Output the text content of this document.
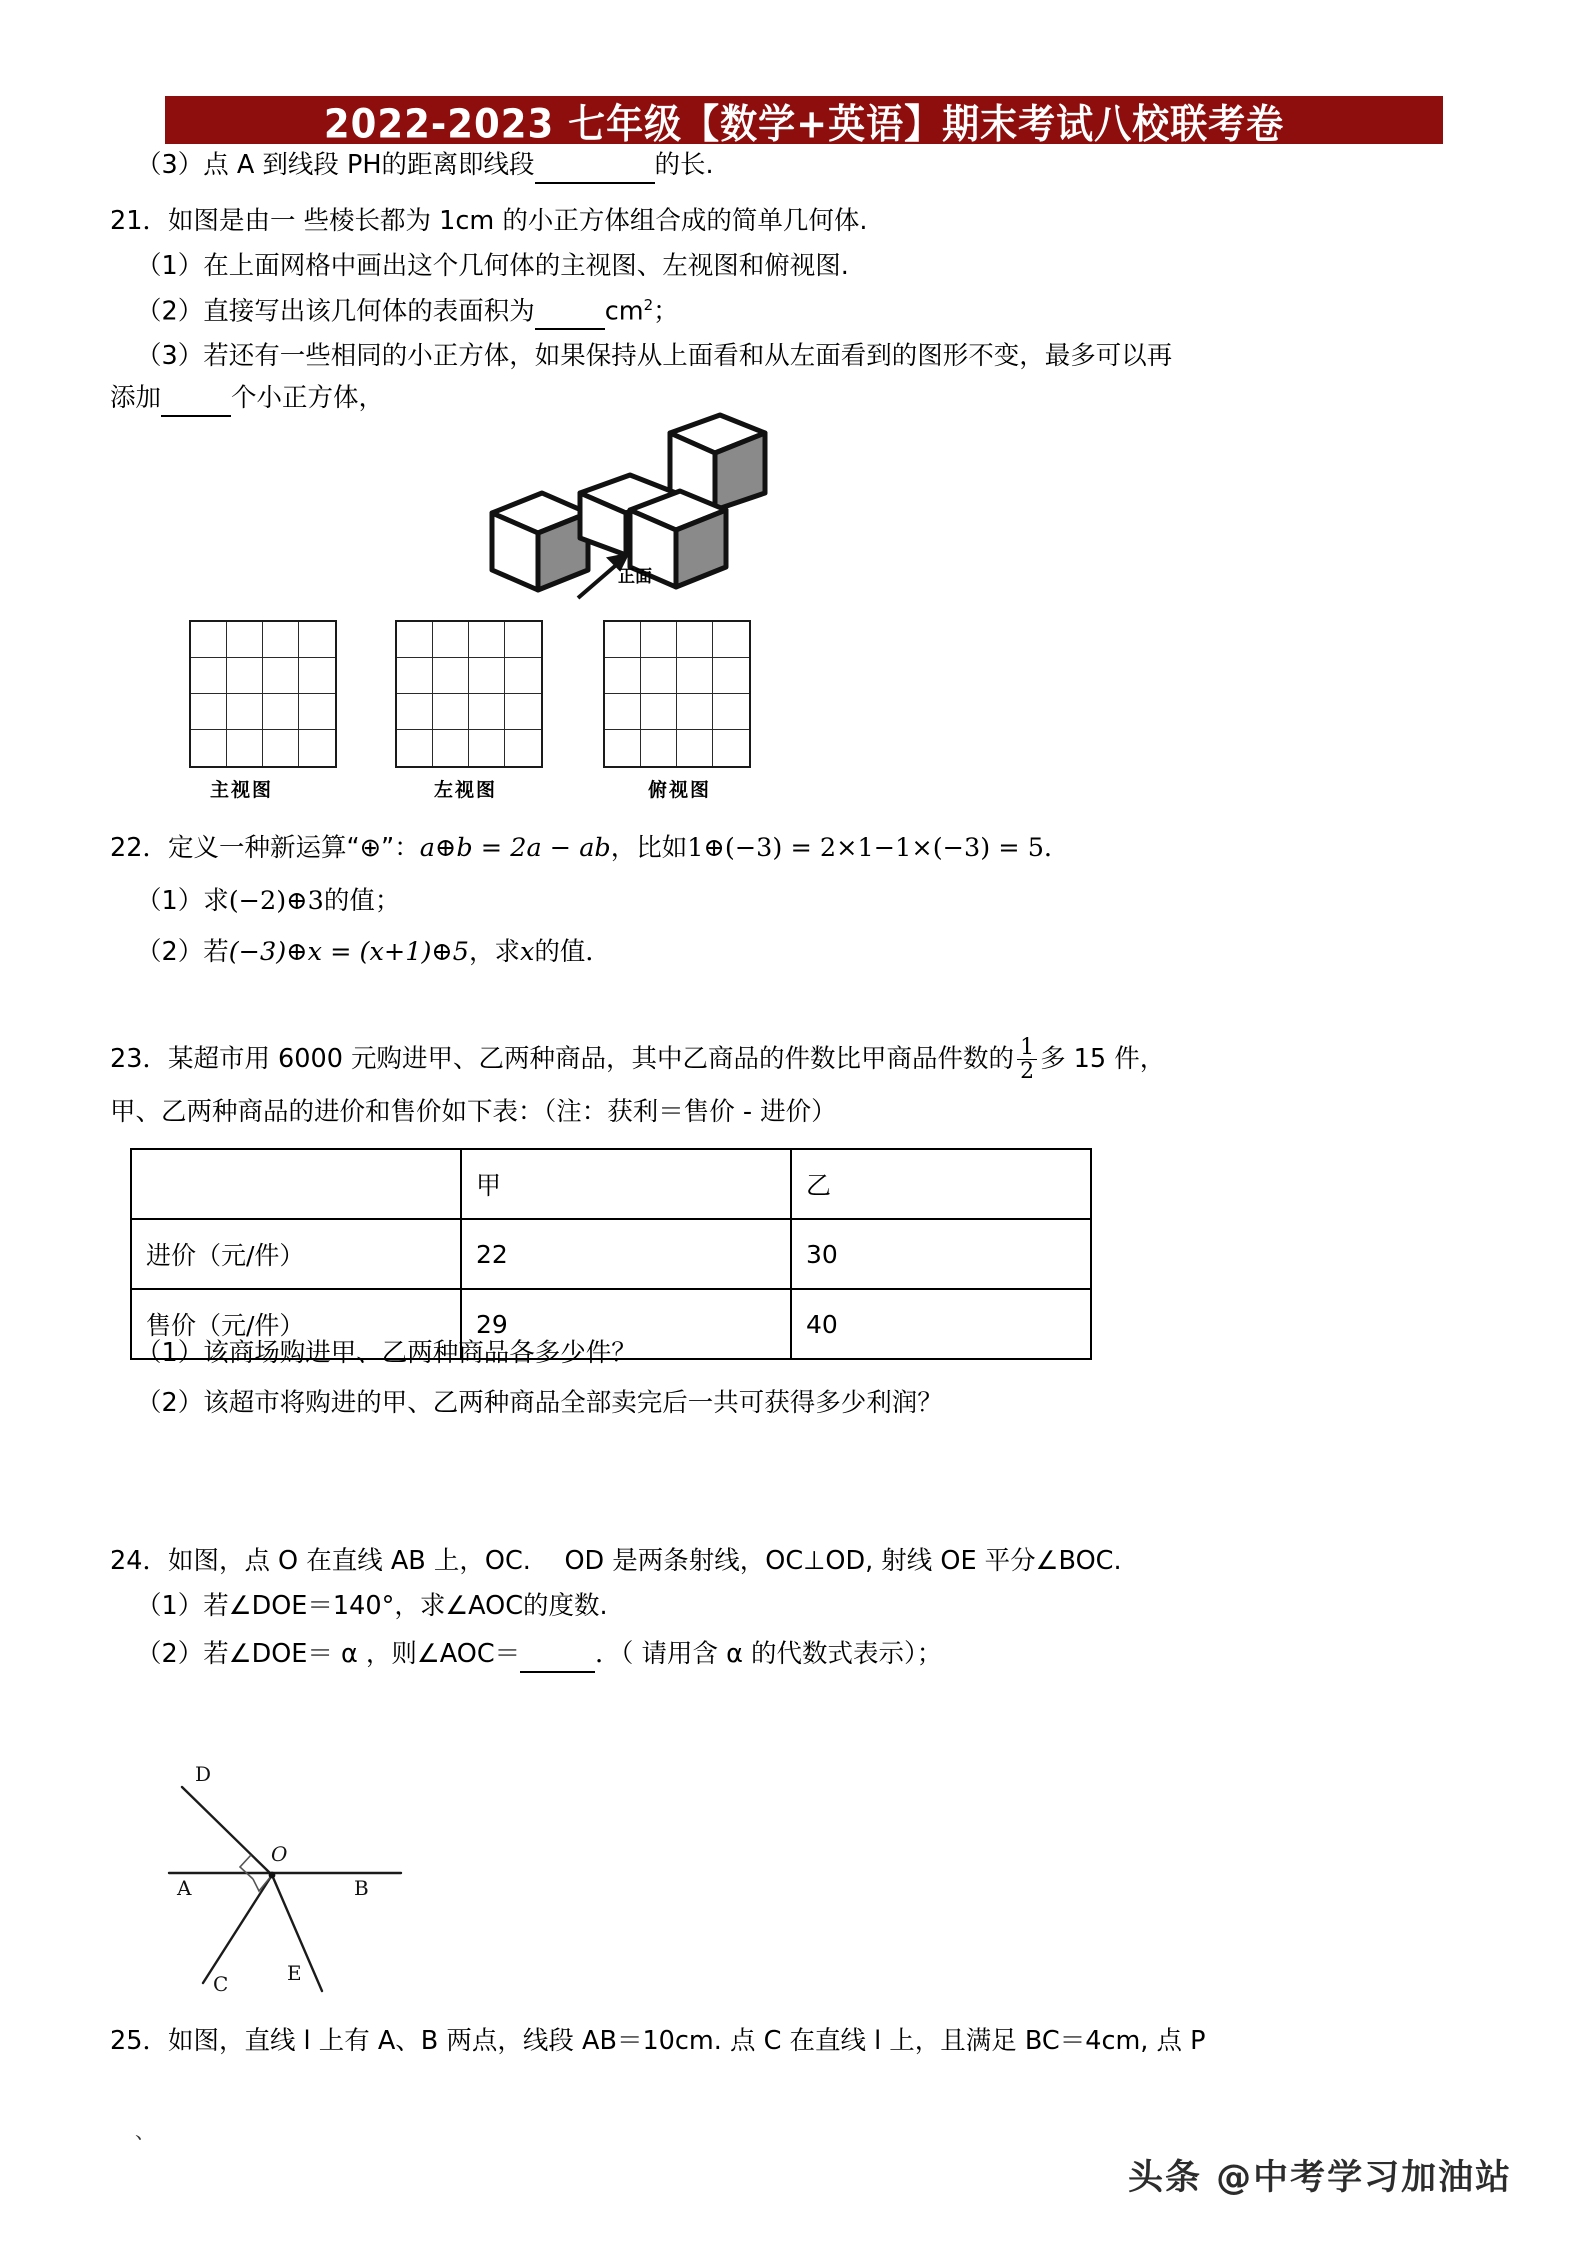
2022-2023 七年级【数学+英语】期末考试八校联考卷
（3）点 A 到线段 PH的距离即线段	的长.
21．如图是由一 些棱长都为 1cm 的小正方体组合成的简单几何体.
（1）在上面网格中画出这个几何体的主视图、左视图和俯视图.
（2）直接写出该几何体的表面积为	$cm^2$；
（3）若还有一些相同的小正方体，如果保持从上面看和从左面看到的图形不变，最多可以再
添加	个小正方体，
正面
主视图	左视图	俯视图
22．定义一种新运算“⊕”：a⊕b = 2a − ab，比如1⊕(−3) = 2×1−1×(−3) = 5．
（1）求(−2)⊕3的值；
（2）若(−3)⊕x = (x+1)⊕5，求x的值．
23．某超市用 6000 元购进甲、乙两种商品，其中乙商品的件数比甲商品件数的 $\frac{1}{2}$ 多 15 件，
甲、乙两种商品的进价和售价如下表：（注：获利＝售价 - 进价）
	甲	乙
进价（元/件）	22	30
售价（元/件）	29	40
（1）该商场购进甲、乙两种商品各多少件？
（2）该超市将购进的甲、乙两种商品全部卖完后一共可获得多少利润？
24．如图，点 O 在直线 AB 上，OC.　 OD 是两条射线，OC⊥OD, 射线 OE 平分∠BOC.
（1）若∠DOE＝140°，求∠AOC的度数.
（2）若∠DOE＝ α ，则∠AOC＝	．（ 请用含 α 的代数式表示）；
D
O
A	B
C	E
25．如图，直线 l 上有 A、B 两点，线段 AB＝10cm. 点 C 在直线 l 上，且满足 BC＝4cm, 点 P
、
头条 @中考学习加油站
